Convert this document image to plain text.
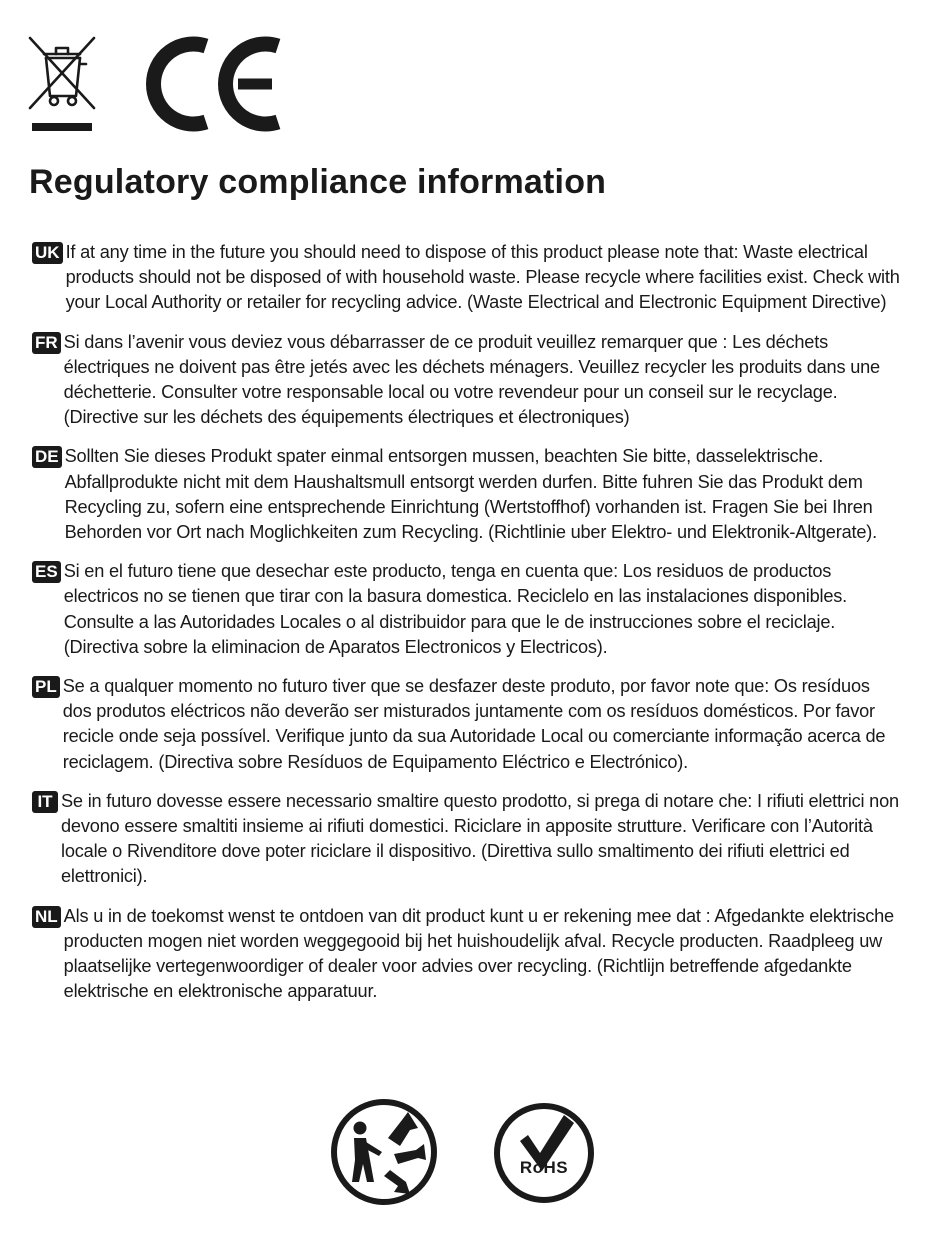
Regulatory compliance information
UK If at any time in the future you should need to dispose of this product please note that: Waste electrical products should not be disposed of with household waste. Please recycle where facilities exist. Check with your Local Authority or retailer for recycling advice. (Waste Electrical and Electronic Equipment Directive)
FR Si dans l’avenir vous deviez vous débarrasser de ce produit veuillez remarquer que : Les déchets électriques ne doivent pas être jetés avec les déchets ménagers. Veuillez recycler les produits dans une déchetterie. Consulter votre responsable local ou votre revendeur pour un conseil sur le recyclage. (Directive sur les déchets des équipements électriques et électroniques)
DE Sollten Sie dieses Produkt spater einmal entsorgen mussen, beachten Sie bitte, dasselektrische. Abfallprodukte nicht mit dem Haushaltsmull entsorgt werden durfen. Bitte fuhren Sie das Produkt dem Recycling zu, sofern eine entsprechende Einrichtung (Wertstoffhof) vorhanden ist. Fragen Sie bei Ihren Behorden vor Ort nach Moglichkeiten zum Recycling. (Richtlinie uber Elektro- und Elektronik-Altgerate).
ES Si en el futuro tiene que desechar este producto, tenga en cuenta que: Los residuos de productos electricos no se tienen que tirar con la basura domestica. Reciclelo en las instalaciones disponibles. Consulte a las Autoridades Locales o al distribuidor para que le de instrucciones sobre el reciclaje. (Directiva sobre la eliminacion de Aparatos Electronicos y Electricos).
PL Se a qualquer momento no futuro tiver que se desfazer deste produto, por favor note que: Os resíduos dos produtos eléctricos não deverão ser misturados juntamente com os resíduos domésticos. Por favor recicle onde seja possível. Verifique junto da sua Autoridade Local ou comerciante informação acerca de reciclagem. (Directiva sobre Resíduos de Equipamento Eléctrico e Electrónico).
IT Se in futuro dovesse essere necessario smaltire questo prodotto, si prega di notare che: I rifiuti elettrici non devono essere smaltiti insieme ai rifiuti domestici. Riciclare in apposite strutture. Verificare con l’Autorità locale o Rivenditore dove poter riciclare il dispositivo. (Direttiva sullo smaltimento dei rifiuti elettrici ed elettronici).
NL Als u in de toekomst wenst te ontdoen van dit product kunt u er rekening mee dat : Afgedankte elektrische producten mogen niet worden weggegooid bij het huishoudelijk afval. Recycle producten. Raadpleeg uw plaatselijke vertegenwoordiger of dealer voor advies over recycling. (Richtlijn betreffende afgedankte elektrische en elektronische apparatuur.
RoHS
